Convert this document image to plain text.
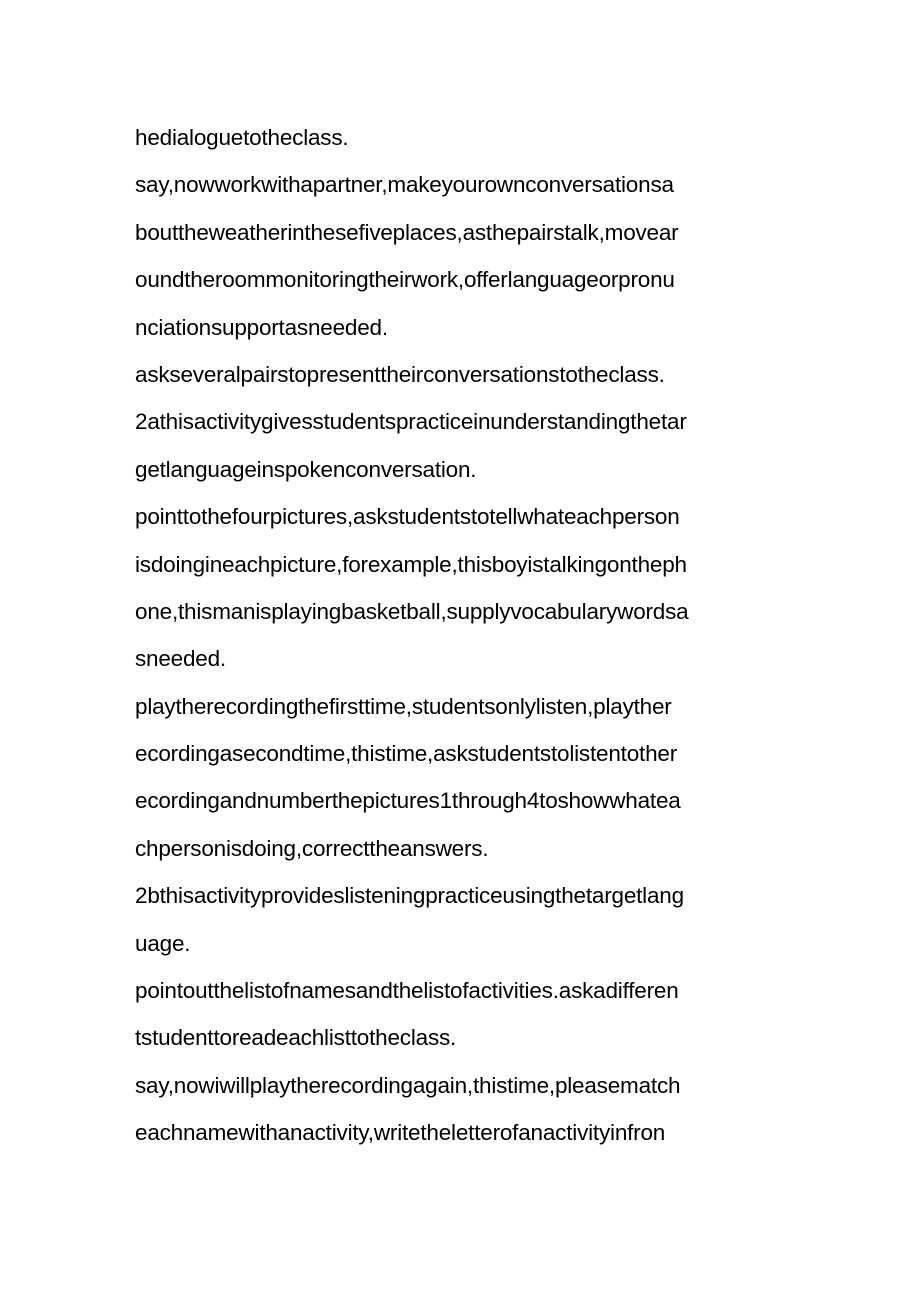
hedialoguetotheclass.
say,nowworkwithapartner,makeyourownconversationsa
bouttheweatherinthesefiveplaces,asthepairstalk,movear
oundtheroommonitoringtheirwork,offerlanguageorpronu
nciationsupportasneeded.
askseveralpairstopresenttheirconversationstotheclass.
2athisactivitygivesstudentspracticeinunderstandingthetar
getlanguageinspokenconversation.
pointtothefourpictures,askstudentstotellwhateachperson
isdoingineachpicture,forexample,thisboyistalkingontheph
one,thismanisplayingbasketball,supplyvocabularywordsa
sneeded.
playtherecordingthefirsttime,studentsonlylisten,playther
ecordingasecondtime,thistime,askstudentstolistentother
ecordingandnumberthepictures1through4toshowwhatea
chpersonisdoing,correcttheanswers.
2bthisactivityprovideslisteningpracticeusingthetargetlang
uage.
pointoutthelistofnamesandthelistofactivities.askadifferen
tstudenttoreadeachlisttotheclass.
say,nowiwillplaytherecordingagain,thistime,pleasematch
eachnamewithanactivity,writetheletterofanactivityinfron
